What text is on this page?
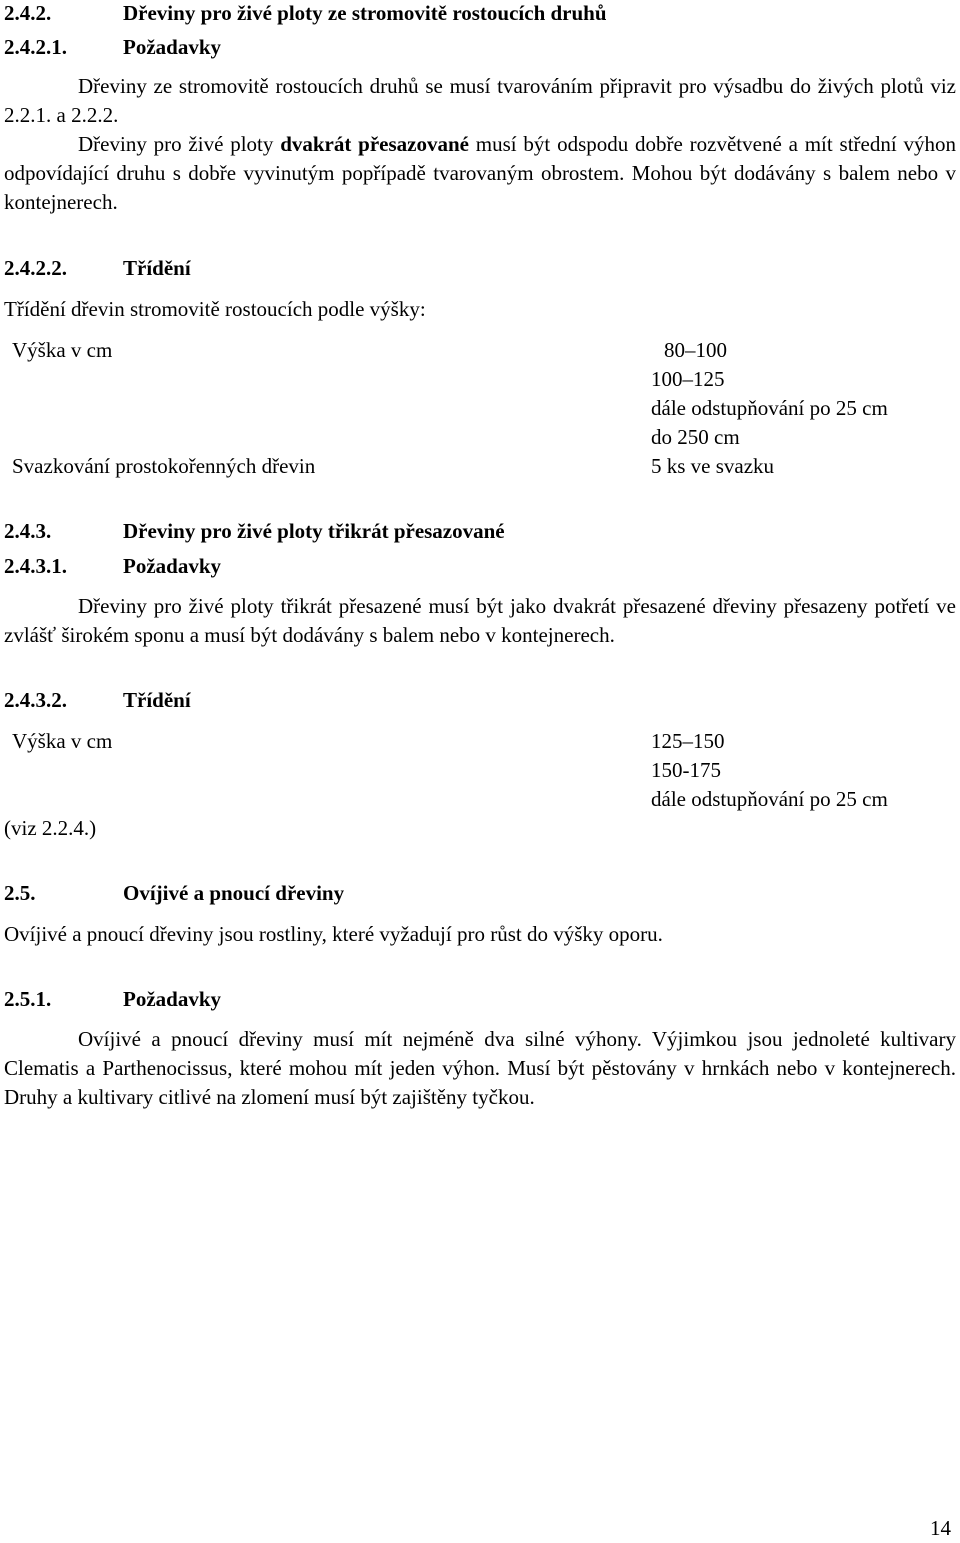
2.4.2.	Dřeviny pro živé ploty ze stromovitě rostoucích druhů
2.4.2.1.	Požadavky
Dřeviny ze stromovitě rostoucích druhů se musí tvarováním připravit pro výsadbu do živých plotů viz 2.2.1. a 2.2.2.
Dřeviny pro živé ploty dvakrát přesazované musí být odspodu dobře rozvětvené a mít střední výhon odpovídající druhu s dobře vyvinutým popřípadě tvarovaným obrostem. Mohou být dodávány s balem nebo v kontejnerech.
2.4.2.2.	Třídění
Třídění dřevin stromovitě rostoucích podle výšky:
Výška v cm	80–100
100–125
dále odstupňování po 25 cm
do 250 cm
Svazkování prostokořenných dřevin	5 ks ve svazku
2.4.3.	Dřeviny pro živé ploty třikrát přesazované
2.4.3.1.	Požadavky
Dřeviny pro živé ploty třikrát přesazené musí být jako dvakrát přesazené dřeviny přesazeny potřetí ve zvlášť širokém sponu a musí být dodávány s balem nebo v kontejnerech.
2.4.3.2.	Třídění
Výška v cm	125–150
150-175
dále odstupňování po 25 cm
(viz 2.2.4.)
2.5.	Ovíjivé a pnoucí dřeviny
Ovíjivé a pnoucí dřeviny jsou rostliny, které vyžadují pro růst do výšky oporu.
2.5.1.	Požadavky
Ovíjivé a pnoucí dřeviny musí mít nejméně dva silné výhony. Výjimkou jsou jednoleté kultivary Clematis a Parthenocissus, které mohou mít jeden výhon. Musí být pěstovány v hrnkách nebo v kontejnerech. Druhy a kultivary citlivé na zlomení musí být zajištěny tyčkou.
14
